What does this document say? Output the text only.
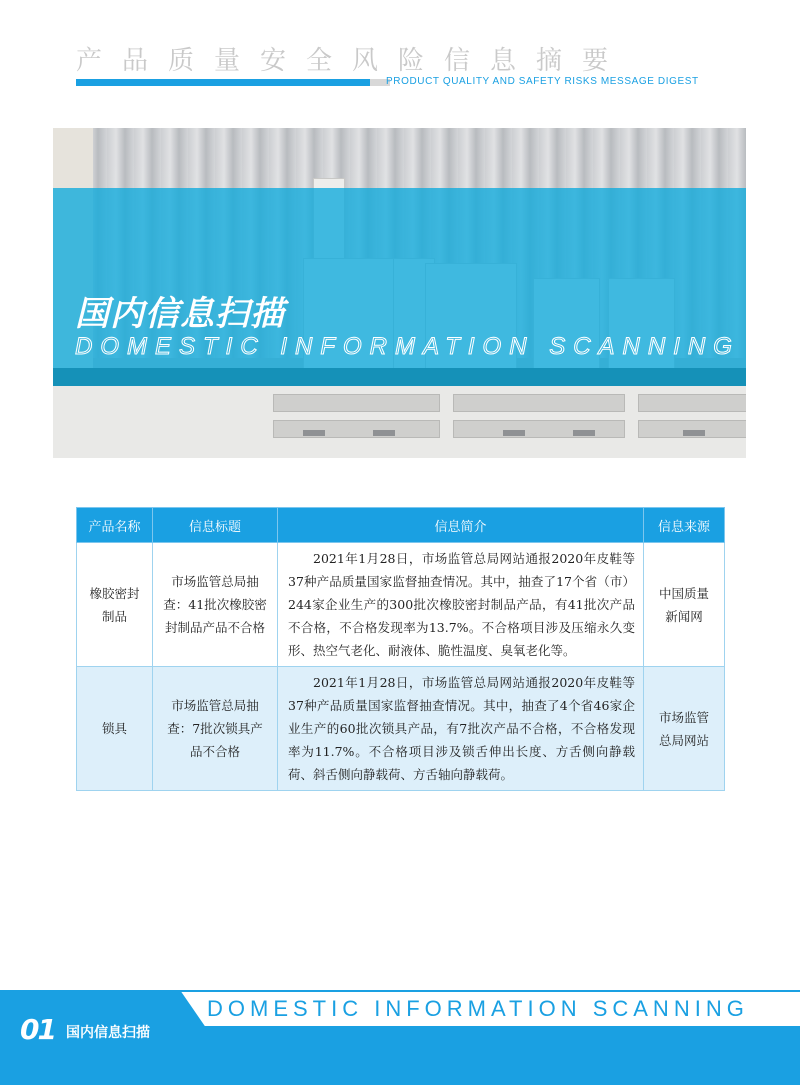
产品质量安全风险信息摘要
PRODUCT QUALITY AND SAFETY RISKS MESSAGE DIGEST
国内信息扫描
DOMESTIC INFORMATION SCANNING
产品名称	信息标题	信息简介	信息来源
橡胶密封制品	市场监管总局抽查：41批次橡胶密封制品产品不合格	2021年1月28日，市场监管总局网站通报2020年皮鞋等37种产品质量国家监督抽查情况。其中，抽查了17个省（市）244家企业生产的300批次橡胶密封制品产品，有41批次产品不合格，不合格发现率为13.7%。不合格项目涉及压缩永久变形、热空气老化、耐液体、脆性温度、臭氧老化等。	中国质量新闻网
锁具	市场监管总局抽查：7批次锁具产品不合格	2021年1月28日，市场监管总局网站通报2020年皮鞋等37种产品质量国家监督抽查情况。其中，抽查了4个省46家企业生产的60批次锁具产品，有7批次产品不合格，不合格发现率为11.7%。不合格项目涉及锁舌伸出长度、方舌侧向静载荷、斜舌侧向静载荷、方舌轴向静载荷。	市场监管总局网站
DOMESTIC INFORMATION SCANNING
01 国内信息扫描
